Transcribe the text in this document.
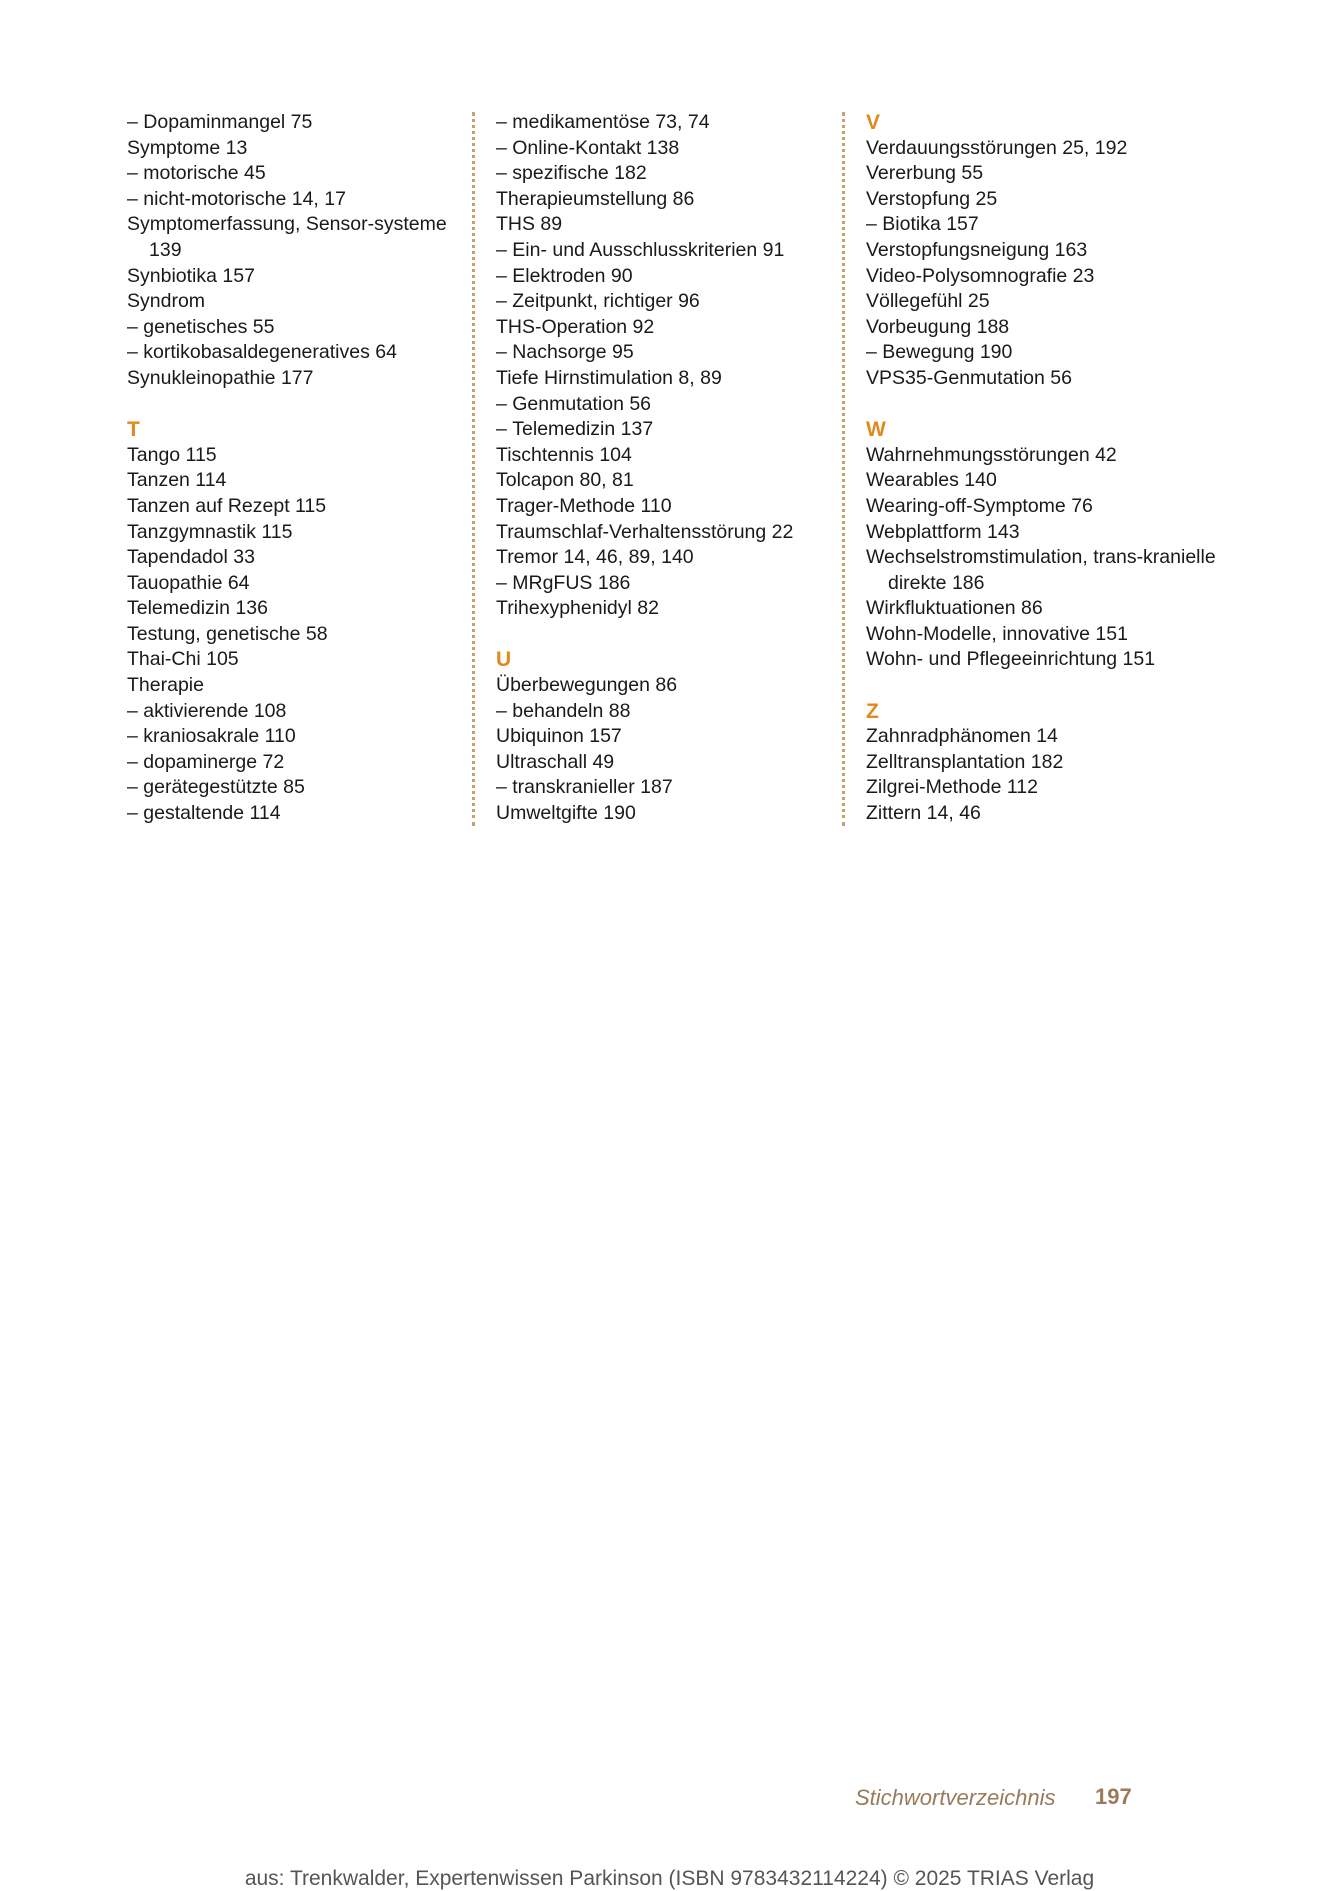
– Dopaminmangel 75
Symptome 13
– motorische 45
– nicht-motorische 14, 17
Symptomerfassung, Sensor-systeme 139
Synbiotika 157
Syndrom
– genetisches 55
– kortikobasaldegeneratives 64
Synukleinopathie 177
T
Tango 115
Tanzen 114
Tanzen auf Rezept 115
Tanzgymnastik 115
Tapendadol 33
Tauopathie 64
Telemedizin 136
Testung, genetische 58
Thai-Chi 105
Therapie
– aktivierende 108
– kraniosakrale 110
– dopaminerge 72
– gerätegestützte 85
– gestaltende 114
– medikamentöse 73, 74
– Online-Kontakt 138
– spezifische 182
Therapieumstellung 86
THS 89
– Ein- und Ausschlusskriterien 91
– Elektroden 90
– Zeitpunkt, richtiger 96
THS-Operation 92
– Nachsorge 95
Tiefe Hirnstimulation 8, 89
– Genmutation 56
– Telemedizin 137
Tischtennis 104
Tolcapon 80, 81
Trager-Methode 110
Traumschlaf-Verhaltensstörung 22
Tremor 14, 46, 89, 140
– MRgFUS 186
Trihexyphenidyl 82
U
Überbewegungen 86
– behandeln 88
Ubiquinon 157
Ultraschall 49
– transkranieller 187
Umweltgifte 190
V
Verdauungsstörungen 25, 192
Vererbung 55
Verstopfung 25
– Biotika 157
Verstopfungsneigung 163
Video-Polysomnografie 23
Völlegefühl 25
Vorbeugung 188
– Bewegung 190
VPS35-Genmutation 56
W
Wahrnehmungsstörungen 42
Wearables 140
Wearing-off-Symptome 76
Webplattform 143
Wechselstromstimulation, trans-kranielle direkte 186
Wirkfluktuationen 86
Wohn-Modelle, innovative 151
Wohn- und Pflegeeinrichtung 151
Z
Zahnradphänomen 14
Zelltransplantation 182
Zilgrei-Methode 112
Zittern 14, 46
Stichwortverzeichnis 197
aus: Trenkwalder, Expertenwissen Parkinson (ISBN 9783432114224) © 2025 TRIAS Verlag
